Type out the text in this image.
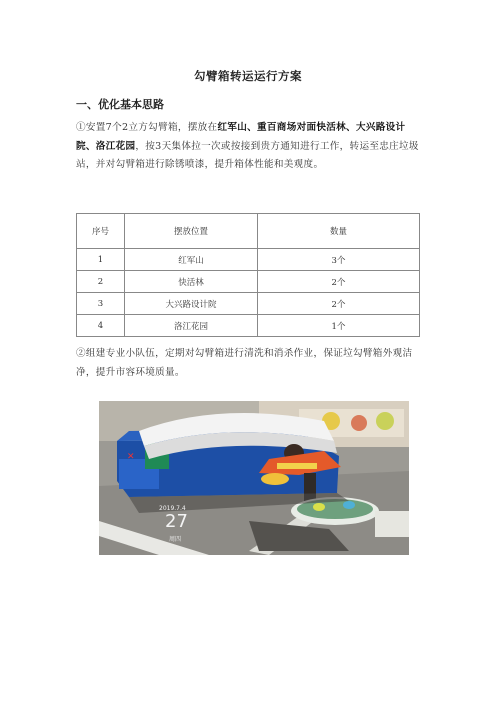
勾臂箱转运运行方案
一、优化基本思路
①安置7个2立方勾臂箱，摆放在红军山、重百商场对面快活林、大兴路设计院、洛江花园，按3天集体拉一次或按接到贵方通知进行工作，转运至忠庄垃圾站，并对勾臂箱进行除锈喷漆，提升箱体性能和美观度。
序号	摆放位置	数量
1	红军山	3个
2	快活林	2个
3	大兴路设计院	2个
4	洛江花园	1个
②组建专业小队伍，定期对勾臂箱进行清洗和消杀作业，保证垃勾臂箱外观洁净，提升市容环境质量。
✕
2019.7.4
27
周四
